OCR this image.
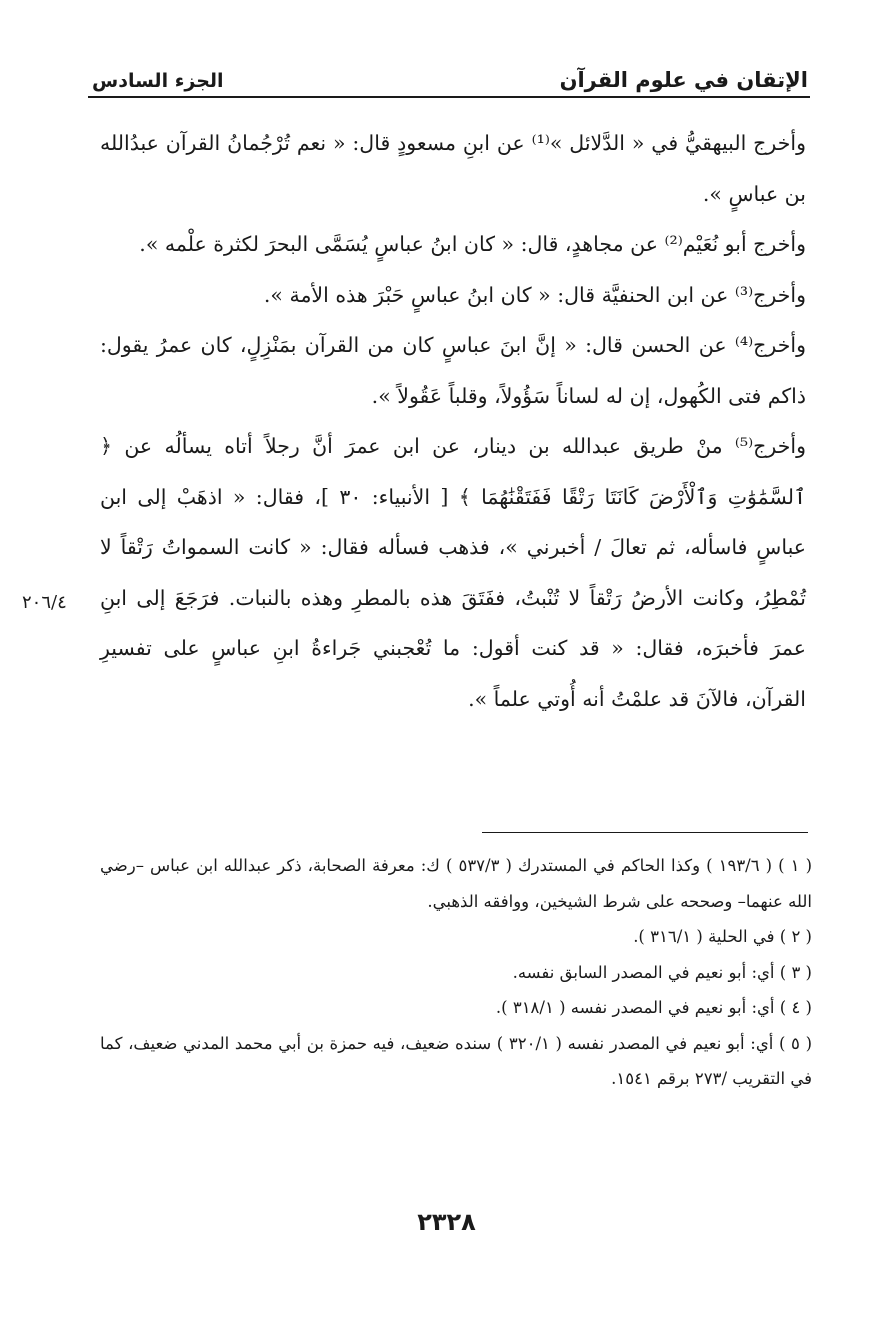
الإتقان في علوم القرآن
الجزء السادس

وأخرج البيهقيُّ في « الدَّلائل »⁽¹⁾ عن ابنِ مسعودٍ قال: « نعم تُرْجُمانُ القرآن عبدُالله بن عباسٍ ».

وأخرج أبو نُعَيْم⁽²⁾ عن مجاهدٍ، قال: « كان ابنُ عباسٍ يُسَمَّى البحرَ لكثرة علْمه ».

وأخرج⁽³⁾ عن ابن الحنفيَّة قال: « كان ابنُ عباسٍ حَبْرَ هذه الأمة ».

وأخرج⁽⁴⁾ عن الحسن قال: « إنَّ ابنَ عباسٍ كان من القرآن بمَنْزِلٍ، كان عمرُ يقول: ذاكم فتى الكُهول، إن له لساناً سَؤُولاً، وقلباً عَقُولاً ».

وأخرج⁽⁵⁾ منْ طريق عبدالله بن دينار، عن ابن عمرَ أنَّ رجلاً أتاه يسألُه عن ﴿ ٱلسَّمَٰوَٰتِ وَٱلْأَرْضَ كَانَتَا رَتْقًا فَفَتَقْنَٰهُمَا ﴾ [ الأنبياء: ٣٠ ]، فقال: « اذهَبْ إلى ابن عباسٍ فاسأله، ثم تعالَ / أخبرني »، فذهب فسأله فقال: « كانت السمواتُ رَتْقاً لا تُمْطِرُ، وكانت الأرضُ رَتْقاً لا تُنْبتُ، ففَتَقَ هذه بالمطرِ وهذه بالنبات. فرَجَعَ إلى ابنِ عمرَ فأخبرَه، فقال: « قد كنت أقول: ما تُعْجبني جَراءةُ ابنِ عباسٍ على تفسيرِ القرآن، فالآنَ قد علمْتُ أنه أُوتي علماً ».

٢٠٦/٤

( ١ ) ( ١٩٣/٦ ) وكذا الحاكم في المستدرك ( ٥٣٧/٣ ) ك: معرفة الصحابة، ذكر عبدالله ابن عباس –رضي الله عنهما– وصححه على شرط الشيخين، ووافقه الذهبي.

( ٢ ) في الحلية ( ٣١٦/١ ).

( ٣ ) أي: أبو نعيم في المصدر السابق نفسه.

( ٤ ) أي: أبو نعيم في المصدر نفسه ( ٣١٨/١ ).

( ٥ ) أي: أبو نعيم في المصدر نفسه ( ٣٢٠/١ ) سنده ضعيف، فيه حمزة بن أبي محمد المدني ضعيف، كما في التقريب /٢٧٣ برقم ١٥٤١.

٢٣٢٨
